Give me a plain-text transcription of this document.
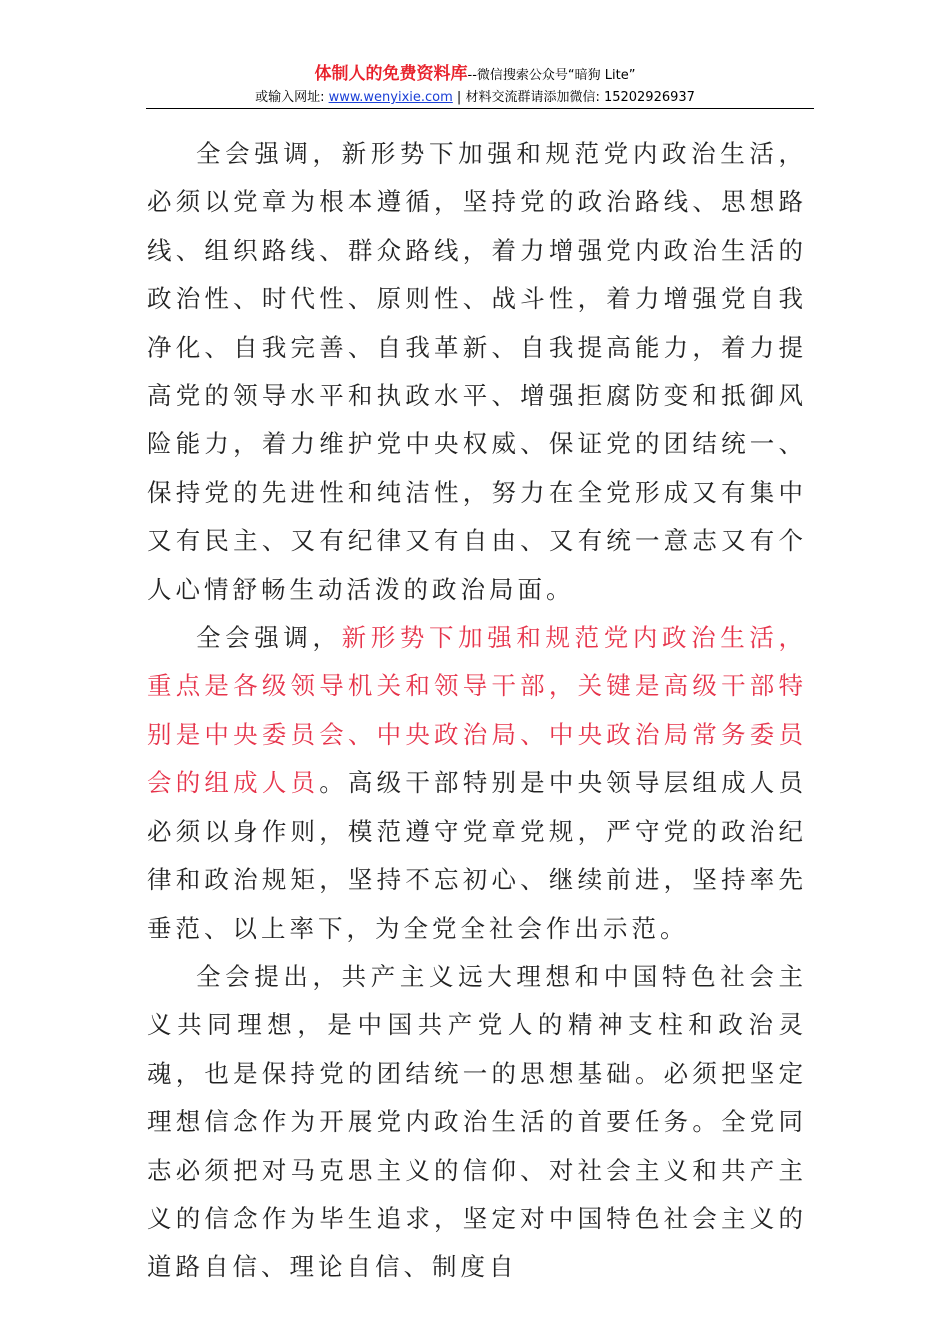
体制人的免费资料库--微信搜索公众号“暗狗 Lite”
或输入网址: www.wenyixie.com | 材料交流群请添加微信: 15202926937

全会强调，新形势下加强和规范党内政治生活，必须以党章为根本遵循，坚持党的政治路线、思想路线、组织路线、群众路线，着力增强党内政治生活的政治性、时代性、原则性、战斗性，着力增强党自我净化、自我完善、自我革新、自我提高能力，着力提高党的领导水平和执政水平、增强拒腐防变和抵御风险能力，着力维护党中央权威、保证党的团结统一、保持党的先进性和纯洁性，努力在全党形成又有集中又有民主、又有纪律又有自由、又有统一意志又有个人心情舒畅生动活泼的政治局面。

全会强调，新形势下加强和规范党内政治生活，重点是各级领导机关和领导干部，关键是高级干部特别是中央委员会、中央政治局、中央政治局常务委员会的组成人员。高级干部特别是中央领导层组成人员必须以身作则，模范遵守党章党规，严守党的政治纪律和政治规矩，坚持不忘初心、继续前进，坚持率先垂范、以上率下，为全党全社会作出示范。

全会提出，共产主义远大理想和中国特色社会主义共同理想，是中国共产党人的精神支柱和政治灵魂，也是保持党的团结统一的思想基础。必须把坚定理想信念作为开展党内政治生活的首要任务。全党同志必须把对马克思主义的信仰、对社会主义和共产主义的信念作为毕生追求，坚定对中国特色社会主义的道路自信、理论自信、制度自
